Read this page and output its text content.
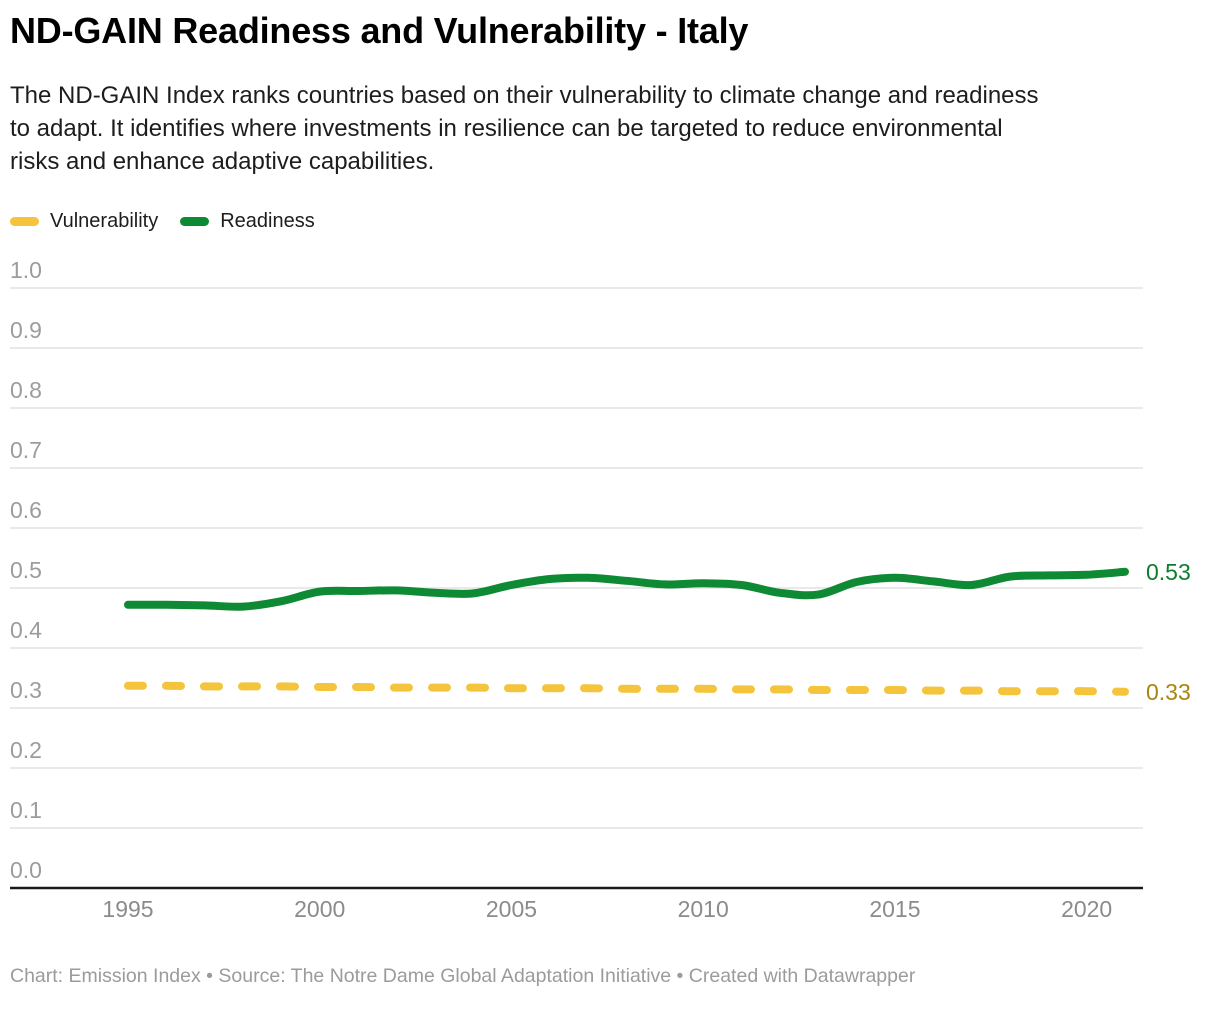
ND-GAIN Readiness and Vulnerability - Italy
The ND-GAIN Index ranks countries based on their vulnerability to climate change and readiness
to adapt. It identifies where investments in resilience can be targeted to reduce environmental
risks and enhance adaptive capabilities.
Vulnerability	Readiness
0.0
0.1
0.2
0.3
0.4
0.5
0.6
0.7
0.8
0.9
1.0
1995	2000	2005	2010	2015	2020
0.33
0.53
Chart: Emission Index • Source: The Notre Dame Global Adaptation Initiative • Created with Datawrapper
